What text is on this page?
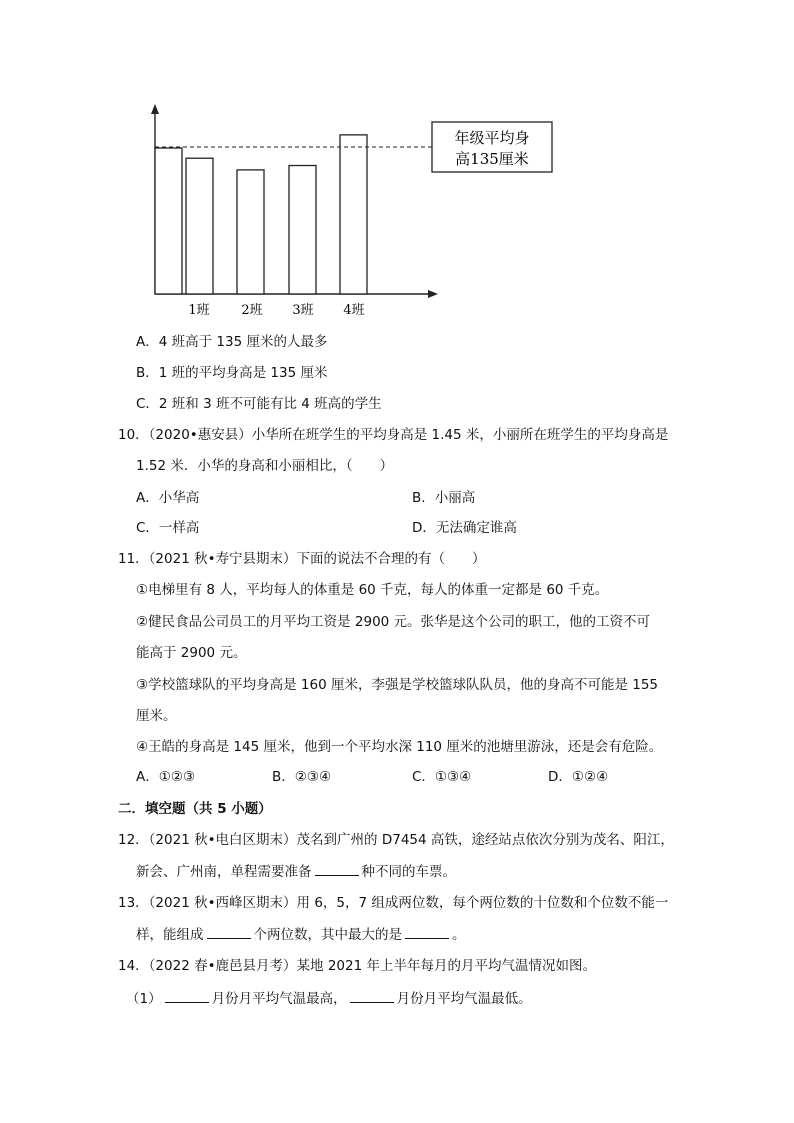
年级平均身
高135厘米
1班 2班 3班 4班
A．4 班高于 135 厘米的人最多
B．1 班的平均身高是 135 厘米
C．2 班和 3 班不可能有比 4 班高的学生
10．（2020•惠安县）小华所在班学生的平均身高是 1.45 米，小丽所在班学生的平均身高是
1.52 米．小华的身高和小丽相比，（　　）
A．小华高	B．小丽高
C．一样高	D．无法确定谁高
11．（2021 秋•寿宁县期末）下面的说法不合理的有（　　）
①电梯里有 8 人，平均每人的体重是 60 千克，每人的体重一定都是 60 千克。
②健民食品公司员工的月平均工资是 2900 元。张华是这个公司的职工，他的工资不可
能高于 2900 元。
③学校篮球队的平均身高是 160 厘米，李强是学校篮球队队员，他的身高不可能是 155
厘米。
④王皓的身高是 145 厘米，他到一个平均水深 110 厘米的池塘里游泳，还是会有危险。
A．①②③	B．②③④	C．①③④	D．①②④
二．填空题（共 5 小题）
12．（2021 秋•电白区期末）茂名到广州的 D7454 高铁，途经站点依次分别为茂名、阳江，
新会、广州南，单程需要准备	种不同的车票。
13．（2021 秋•西峰区期末）用 6，5，7 组成两位数，每个两位数的十位数和个位数不能一
样，能组成	个两位数，其中最大的是	。
14．（2022 春•鹿邑县月考）某地 2021 年上半年每月的月平均气温情况如图。
（1）	月份月平均气温最高，	月份月平均气温最低。
